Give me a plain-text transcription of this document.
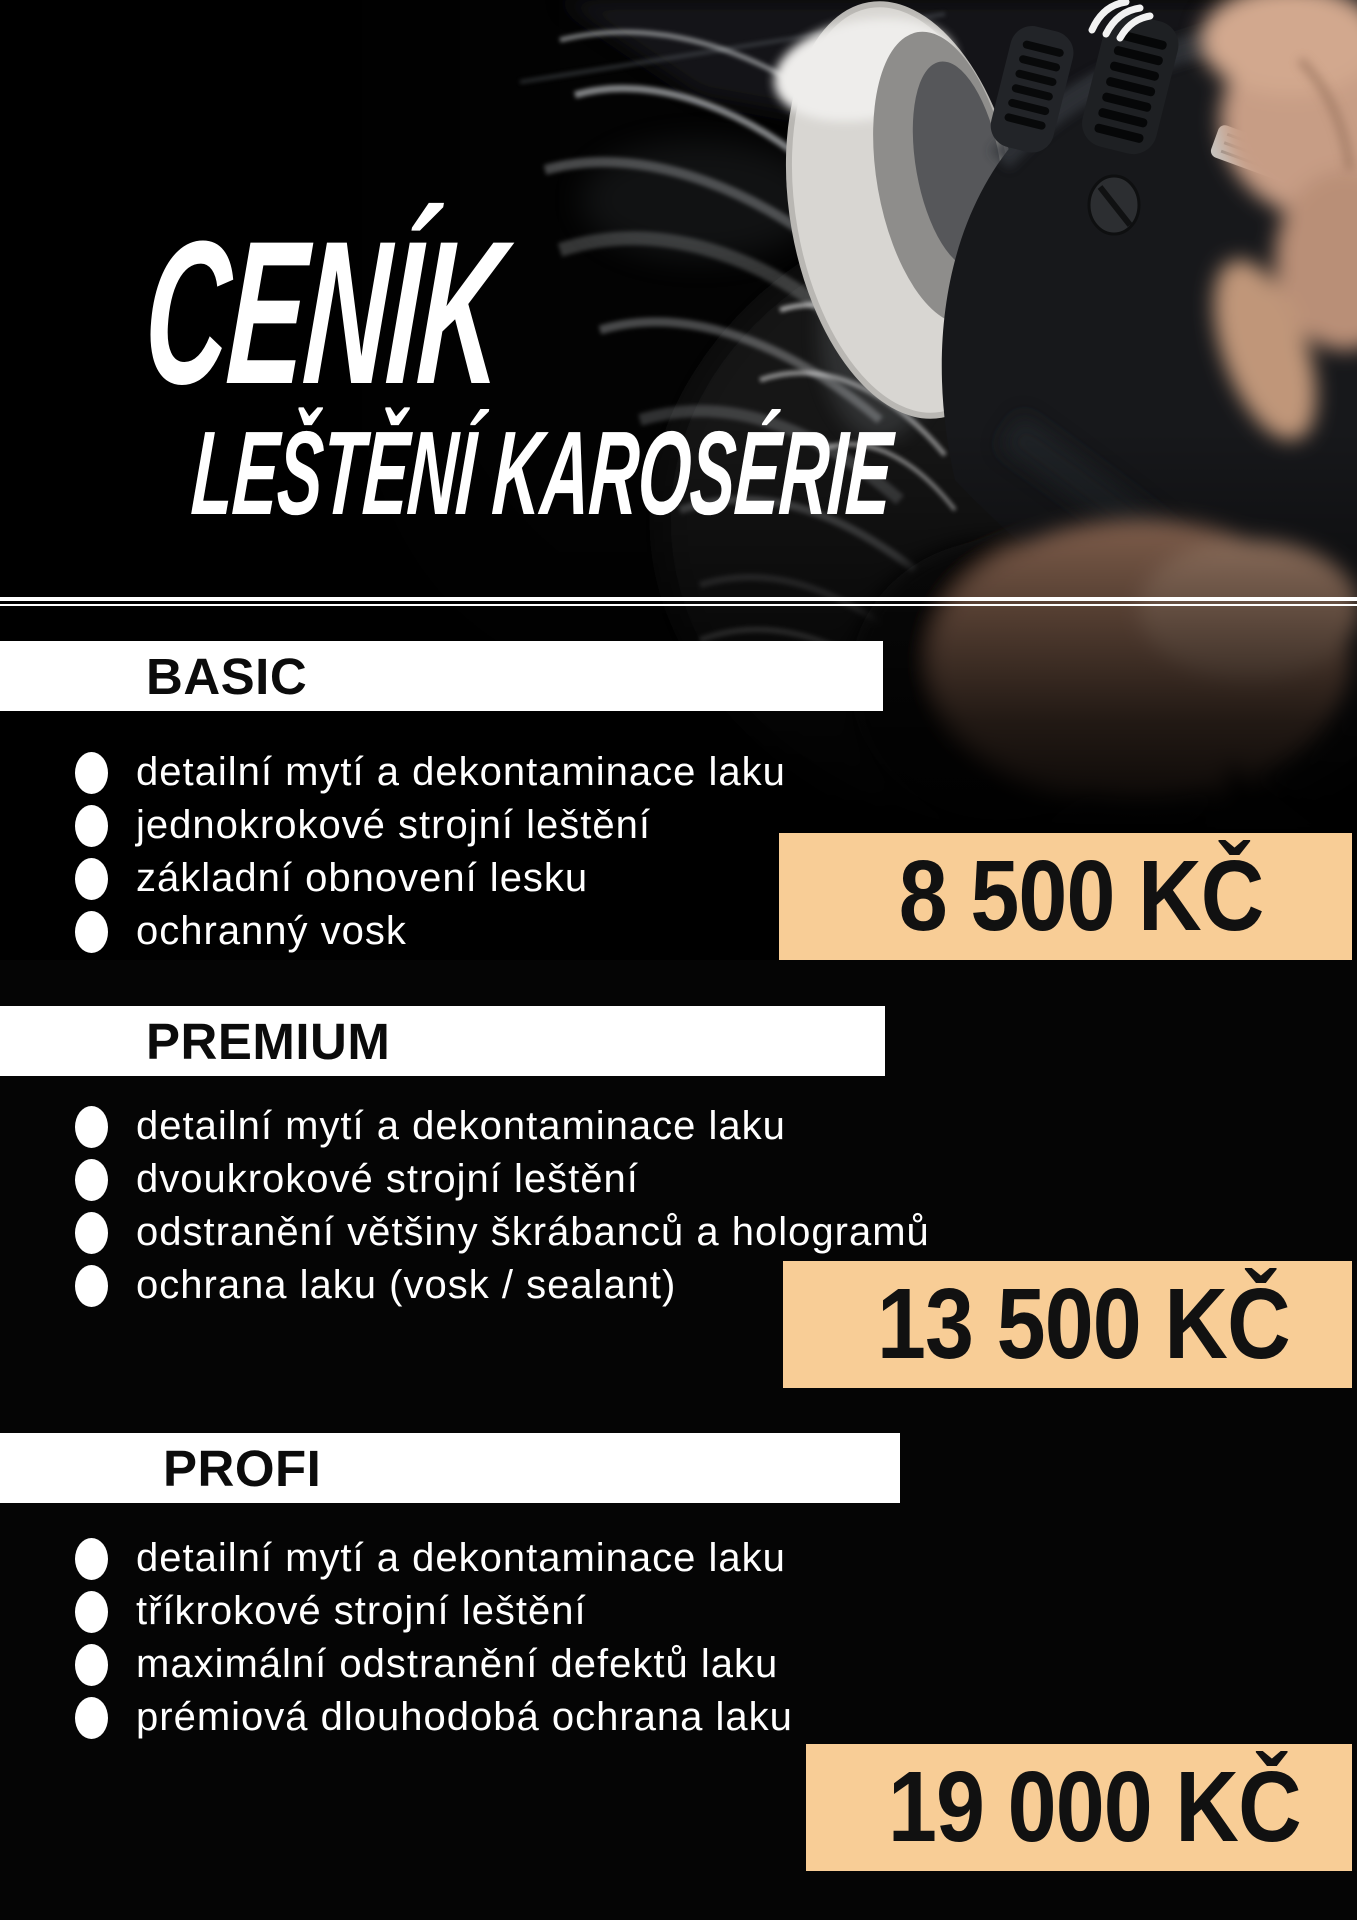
CENÍK
LEŠTĚNÍ KAROSÉRIE
BASIC
detailní mytí a dekontaminace laku
jednokrokové strojní leštění
základní obnovení lesku
ochranný vosk	8 500 KČ
PREMIUM
detailní mytí a dekontaminace laku
dvoukrokové strojní leštění
odstranění většiny škrábanců a hologramů
ochrana laku (vosk / sealant) 13 500 KČ
PROFI
detailní mytí a dekontaminace laku
tříkrokové strojní leštění
maximální odstranění defektů laku
prémiová dlouhodobá ochrana laku
19 000 KČ
